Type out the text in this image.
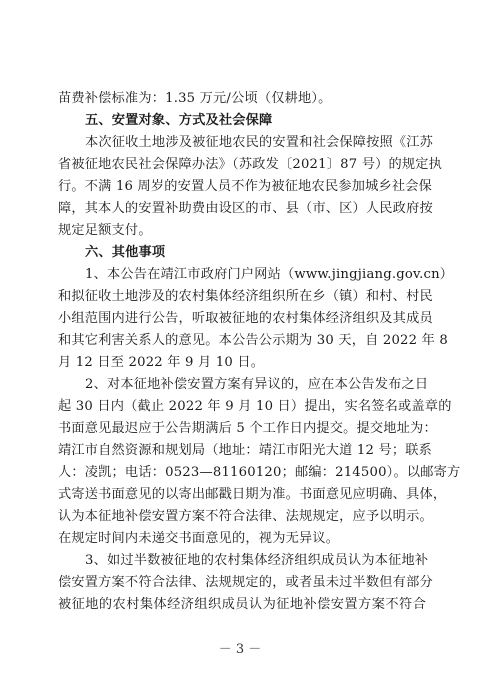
苗费补偿标准为：1.35 万元/公顷（仅耕地）。
五、安置对象、方式及社会保障
本次征收土地涉及被征地农民的安置和社会保障按照《江苏
省被征地农民社会保障办法》（苏政发〔2021〕87 号）的规定执
行。不满 16 周岁的安置人员不作为被征地农民参加城乡社会保
障，其本人的安置补助费由设区的市、县（市、区）人民政府按
规定足额支付。
六、其他事项
1、本公告在靖江市政府门户网站（www.jingjiang.gov.cn）
和拟征收土地涉及的农村集体经济组织所在乡（镇）和村、村民
小组范围内进行公告，听取被征地的农村集体经济组织及其成员
和其它利害关系人的意见。本公告公示期为 30 天，自 2022 年 8
月 12 日至 2022 年 9 月 10 日。
2、对本征地补偿安置方案有异议的，应在本公告发布之日
起 30 日内（截止 2022 年 9 月 10 日）提出，实名签名或盖章的
书面意见最迟应于公告期满后 5 个工作日内提交。提交地址为：
靖江市自然资源和规划局（地址：靖江市阳光大道 12 号；联系
人：凌凯；电话：0523—81160120；邮编：214500）。以邮寄方
式寄送书面意见的以寄出邮戳日期为准。书面意见应明确、具体，
认为本征地补偿安置方案不符合法律、法规规定，应予以明示。
在规定时间内未递交书面意见的，视为无异议。
3、如过半数被征地的农村集体经济组织成员认为本征地补
偿安置方案不符合法律、法规规定的，或者虽未过半数但有部分
被征地的农村集体经济组织成员认为征地补偿安置方案不符合
－ 3 －
